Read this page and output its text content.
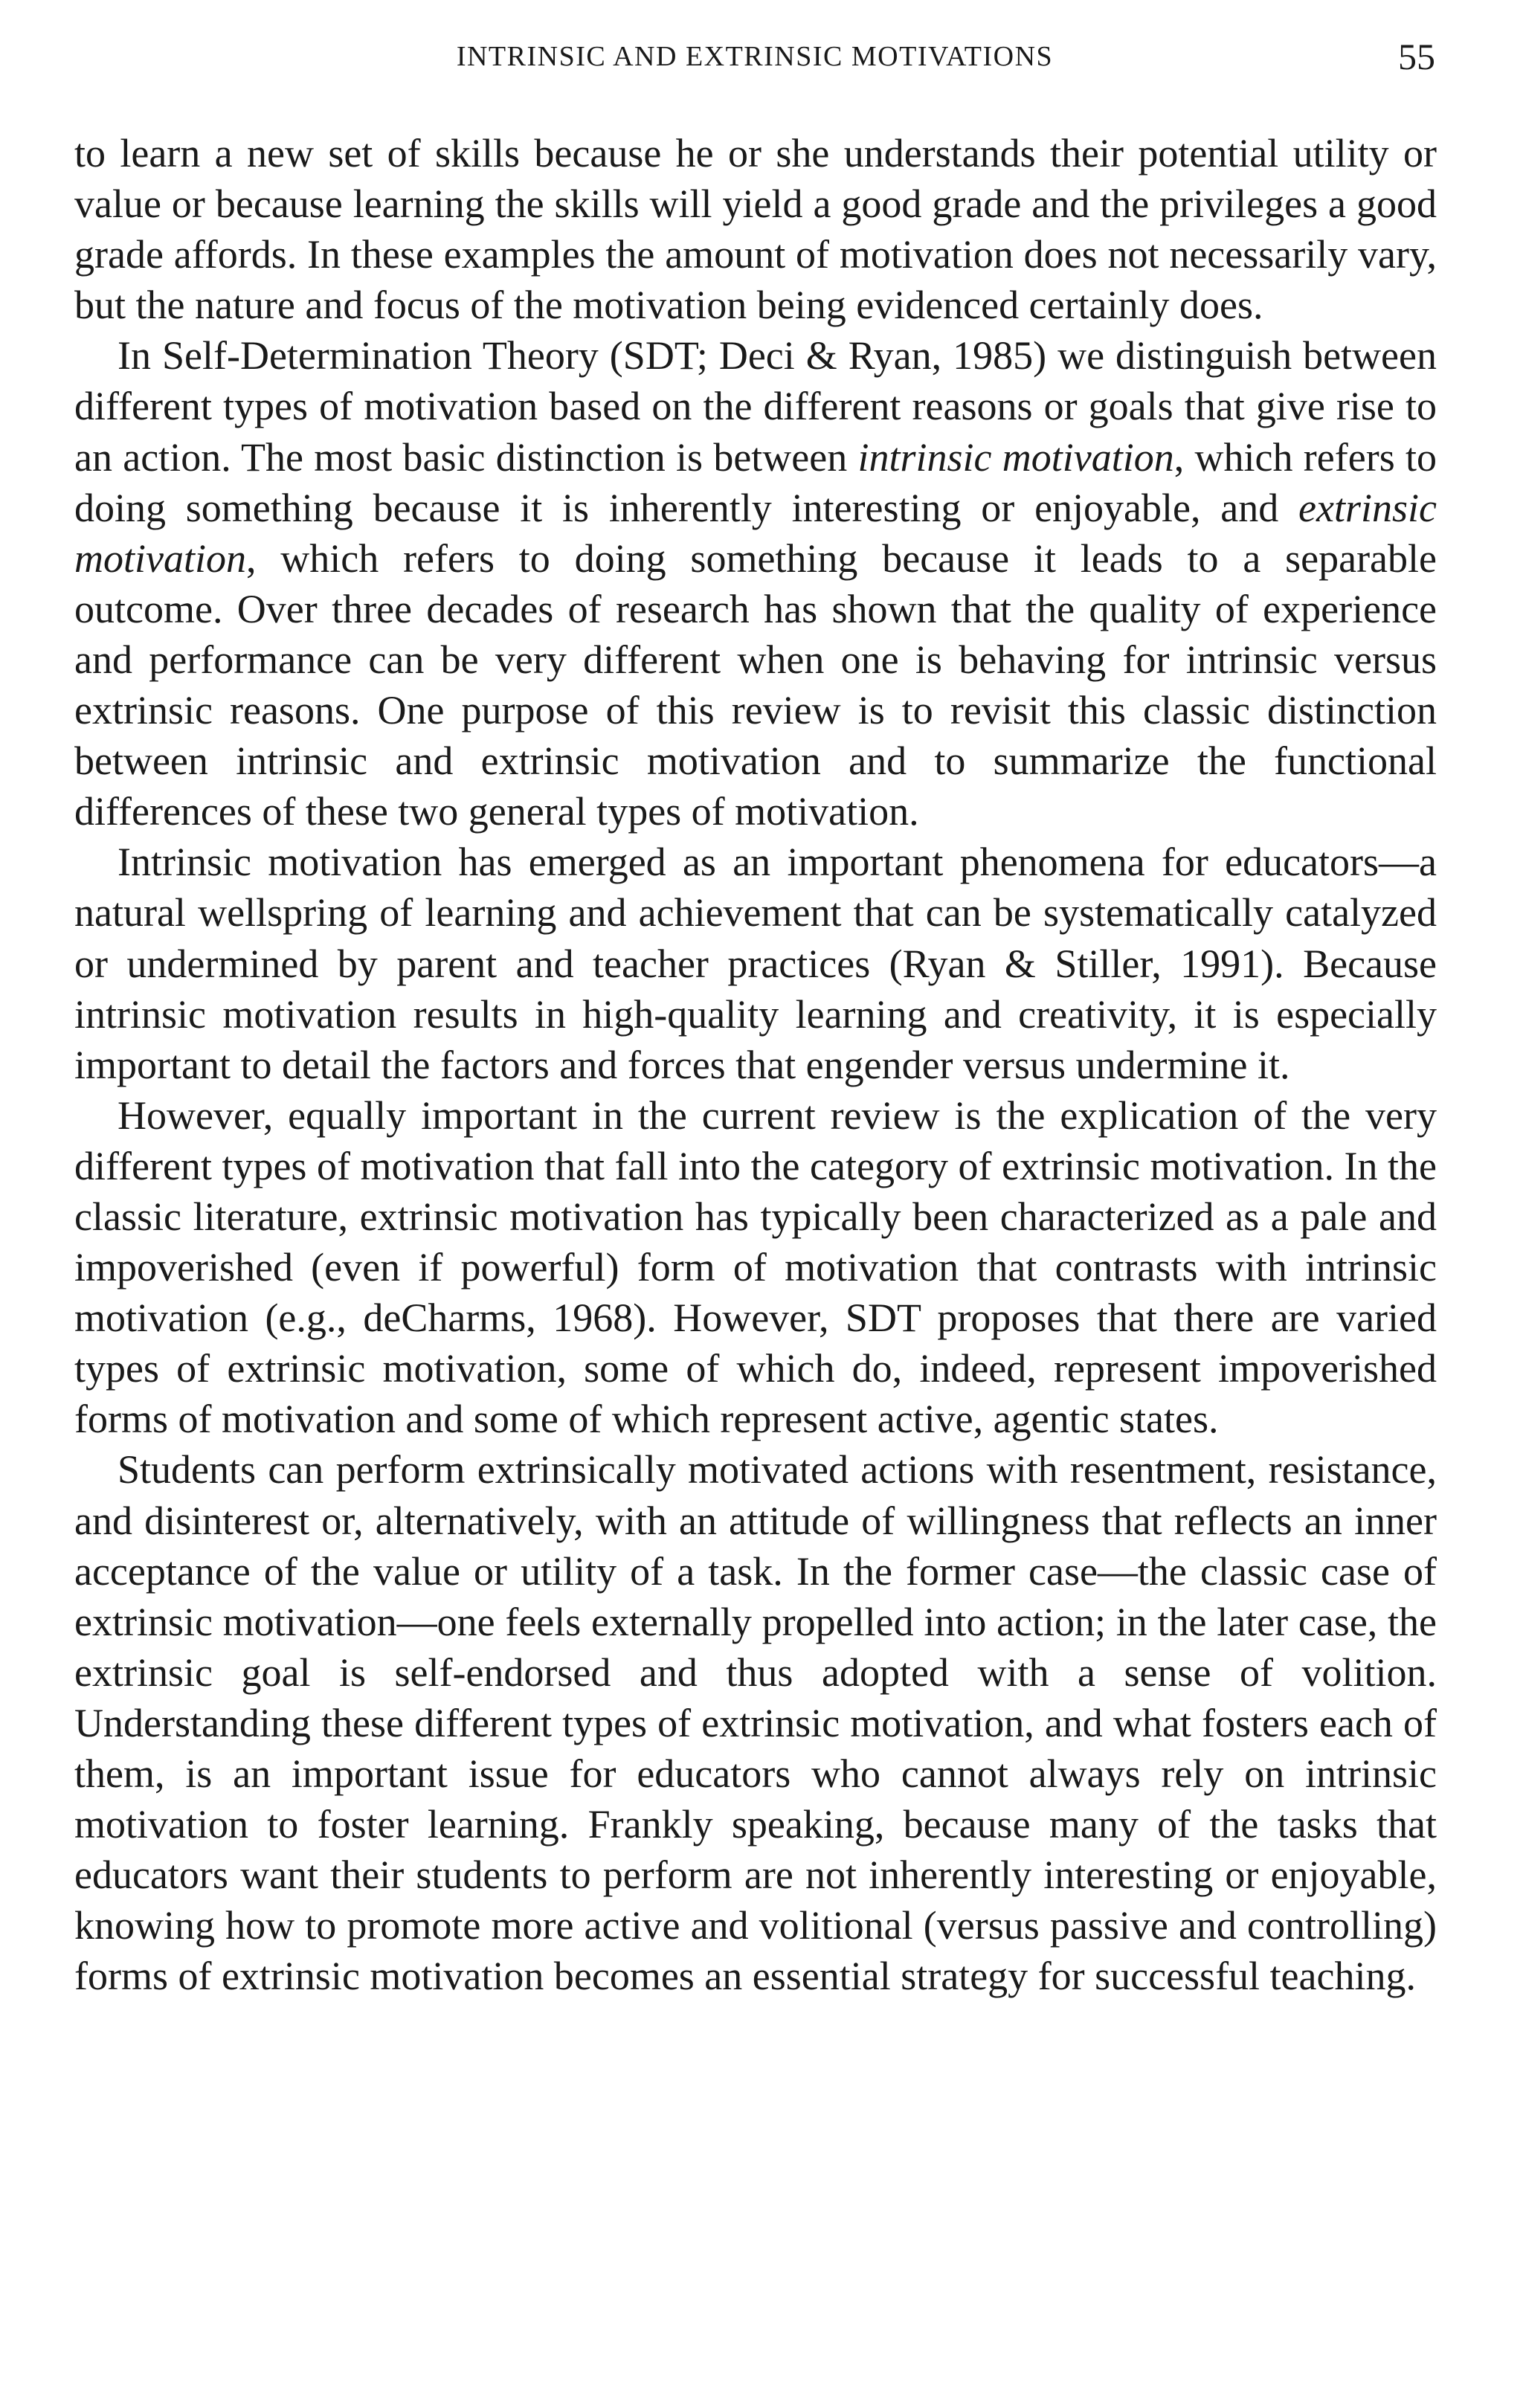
INTRINSIC AND EXTRINSIC MOTIVATIONS	55

to learn a new set of skills because he or she understands their potential utility or value or because learning the skills will yield a good grade and the privileges a good grade affords. In these examples the amount of motivation does not necessarily vary, but the nature and focus of the motivation being evidenced certainly does.

In Self-Determination Theory (SDT; Deci & Ryan, 1985) we distinguish between different types of motivation based on the different reasons or goals that give rise to an action. The most basic distinction is between intrinsic motivation, which refers to doing something because it is inherently interesting or enjoyable, and extrinsic motivation, which refers to doing something because it leads to a separable outcome. Over three decades of research has shown that the quality of experience and performance can be very different when one is behaving for intrinsic versus extrinsic reasons. One purpose of this review is to revisit this classic distinction between intrinsic and extrinsic motivation and to summarize the functional differences of these two general types of motivation.

Intrinsic motivation has emerged as an important phenomena for educators—a natural wellspring of learning and achievement that can be systematically catalyzed or undermined by parent and teacher practices (Ryan & Stiller, 1991). Because intrinsic motivation results in high-quality learning and creativity, it is especially important to detail the factors and forces that engender versus undermine it.

However, equally important in the current review is the explication of the very different types of motivation that fall into the category of extrinsic motivation. In the classic literature, extrinsic motivation has typically been characterized as a pale and impoverished (even if powerful) form of motivation that contrasts with intrinsic motivation (e.g., deCharms, 1968). However, SDT proposes that there are varied types of extrinsic motivation, some of which do, indeed, represent impoverished forms of motivation and some of which represent active, agentic states.

Students can perform extrinsically motivated actions with resentment, resistance, and disinterest or, alternatively, with an attitude of willingness that reflects an inner acceptance of the value or utility of a task. In the former case—the classic case of extrinsic motivation—one feels externally propelled into action; in the later case, the extrinsic goal is self-endorsed and thus adopted with a sense of volition. Understanding these different types of extrinsic motivation, and what fosters each of them, is an important issue for educators who cannot always rely on intrinsic motivation to foster learning. Frankly speaking, because many of the tasks that educators want their students to perform are not inherently interesting or enjoyable, knowing how to promote more active and volitional (versus passive and controlling) forms of extrinsic motivation becomes an essential strategy for successful teaching.
